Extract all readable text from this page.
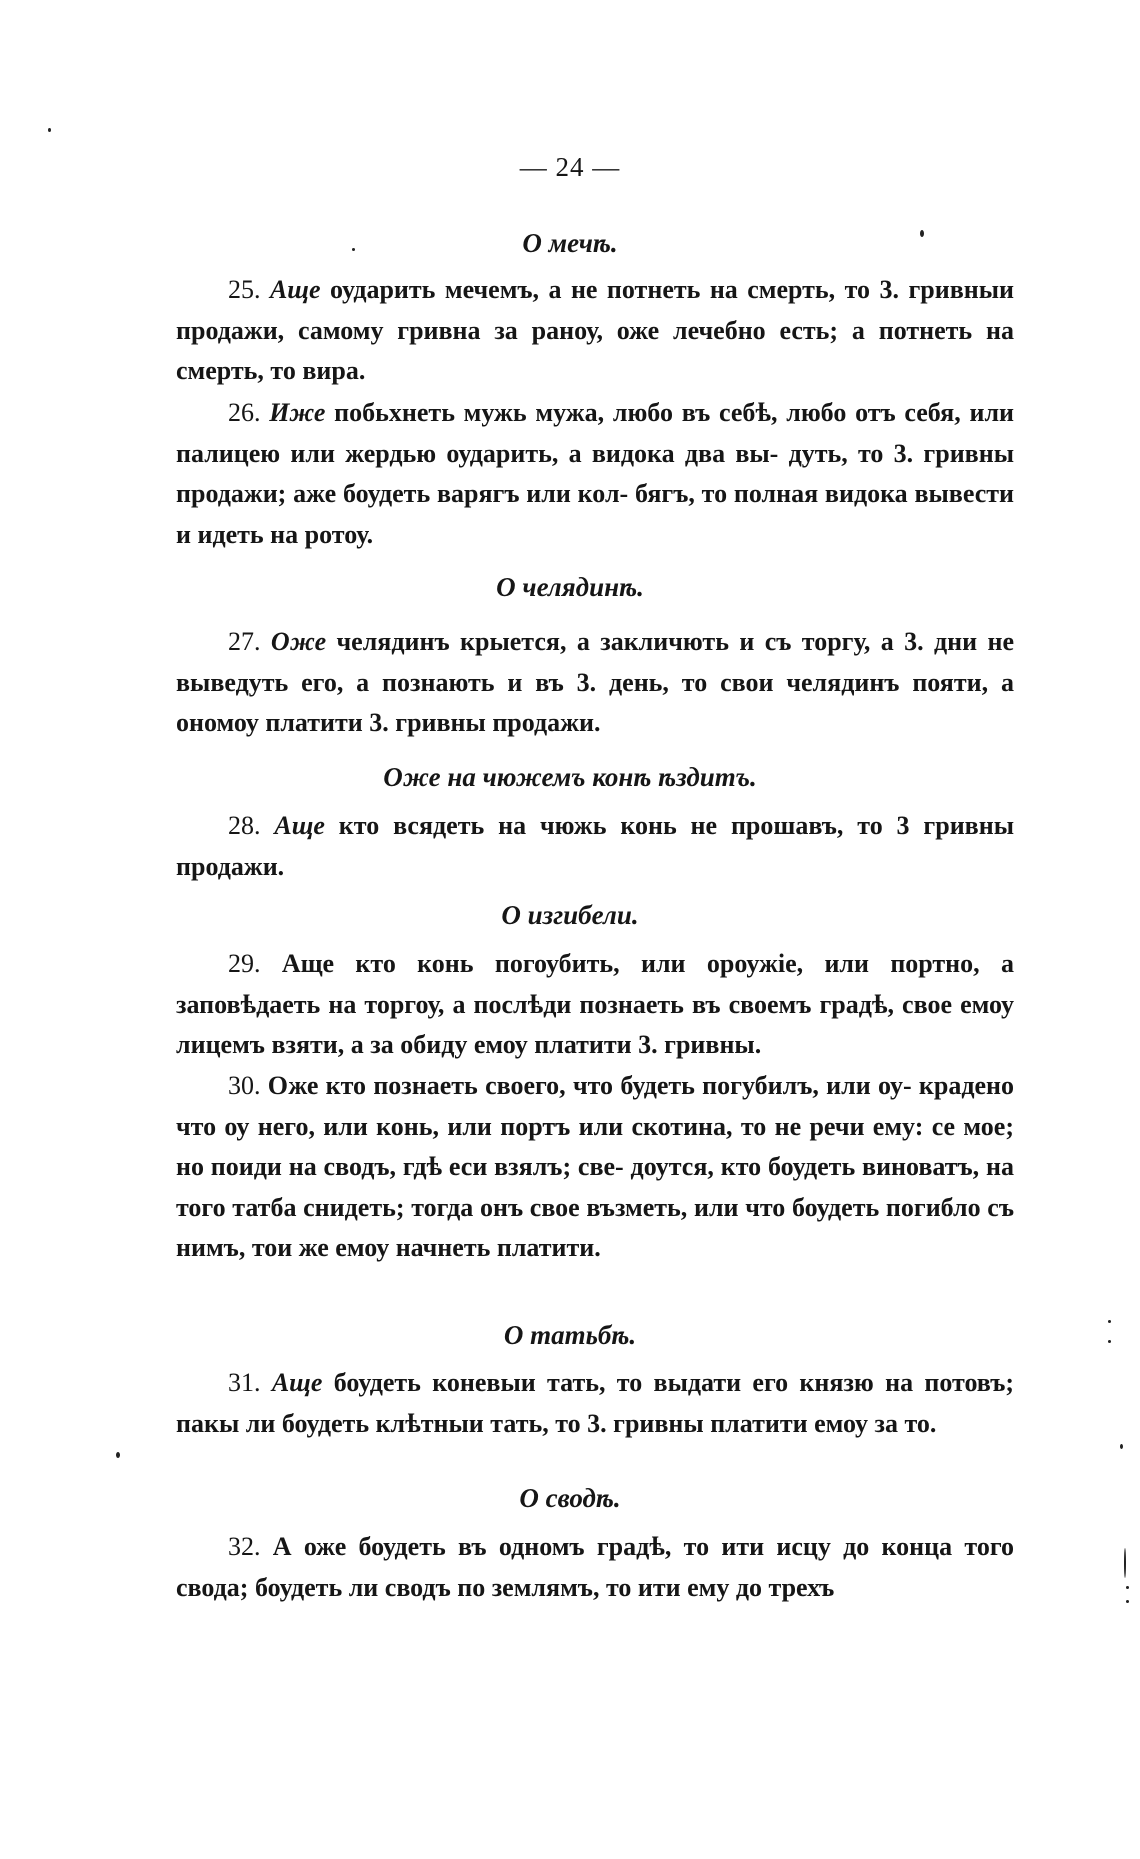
— 24 —
О мечѣ.
25. Аще оударить мечемъ, а не потнеть на смерть, то 3. гривныи продажи, самому гривна за раноу, оже лечебно есть; а потнеть на смерть, то вира.
26. Иже побьхнеть мужь мужа, любо въ себѣ, любо отъ себя, или палицею или жердью оударить, а видока два вы- дуть, то 3. гривны продажи; аже боудеть варягъ или кол- бягъ, то полная видока вывести и идеть на ротоу.
О челядинѣ.
27. Оже челядинъ крыется, а закличють и съ торгу, а 3. дни не выведуть его, а познають и въ 3. день, то свои челядинъ пояти, а ономоу платити 3. гривны продажи.
Оже на чюжемъ конѣ ѣздитъ.
28. Аще кто всядеть на чюжь конь не прошавъ, то 3 гривны продажи.
О изгибели.
29. Аще кто конь погоубить, или ороужіе, или портно, а заповѣдаеть на торгоу, а послѣди познаеть въ своемъ градѣ, свое емоу лицемъ взяти, а за обиду емоу платити 3. гривны.
30. Оже кто познаеть своего, что будеть погубилъ, или оу- крадено что оу него, или конь, или портъ или скотина, то не речи ему: се мое; но поиди на сводъ, гдѣ еси взялъ; све- доутся, кто боудеть виноватъ, на того татба снидеть; тогда онъ свое възметь, или что боудеть погибло съ нимъ, тои же емоу начнеть платити.
О татьбѣ.
31. Аще боудеть коневыи тать, то выдати его князю на потовъ; пакы ли боудеть клѣтныи тать, то 3. гривны платити емоу за то.
О сводѣ.
32. А оже боудеть въ одномъ градѣ, то ити исцу до конца того свода; боудеть ли сводъ по землямъ, то ити ему до трехъ
